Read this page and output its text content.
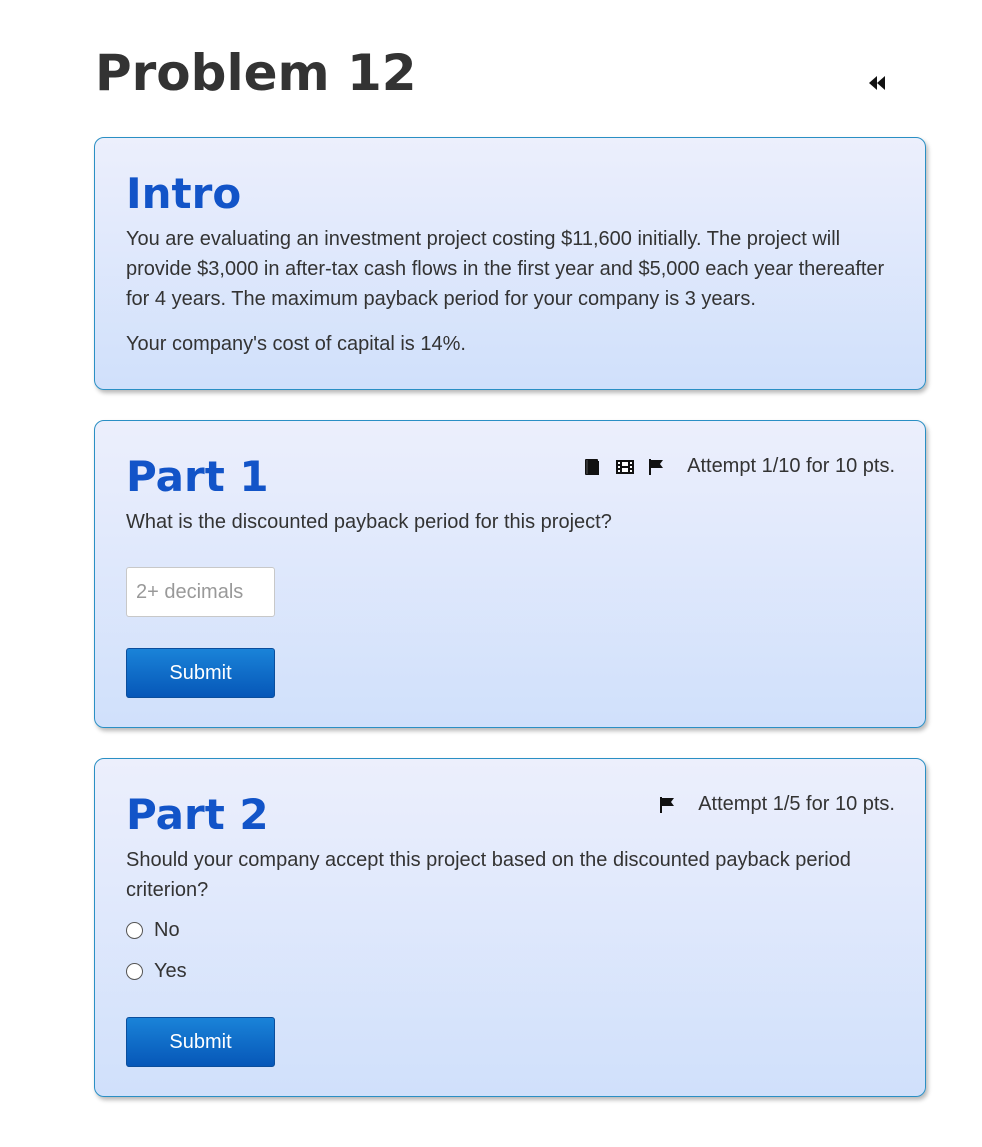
Problem 12
Intro

You are evaluating an investment project costing $11,600 initially. The project will provide $3,000 in after-tax cash flows in the first year and $5,000 each year thereafter for 4 years. The maximum payback period for your company is 3 years.

Your company's cost of capital is 14%.

Part 1	Attempt 1/10 for 10 pts.

What is the discounted payback period for this project?

2+ decimals
Submit
Part 2	Attempt 1/5 for 10 pts.

Should your company accept this project based on the discounted payback period criterion?

No
Yes
Submit
